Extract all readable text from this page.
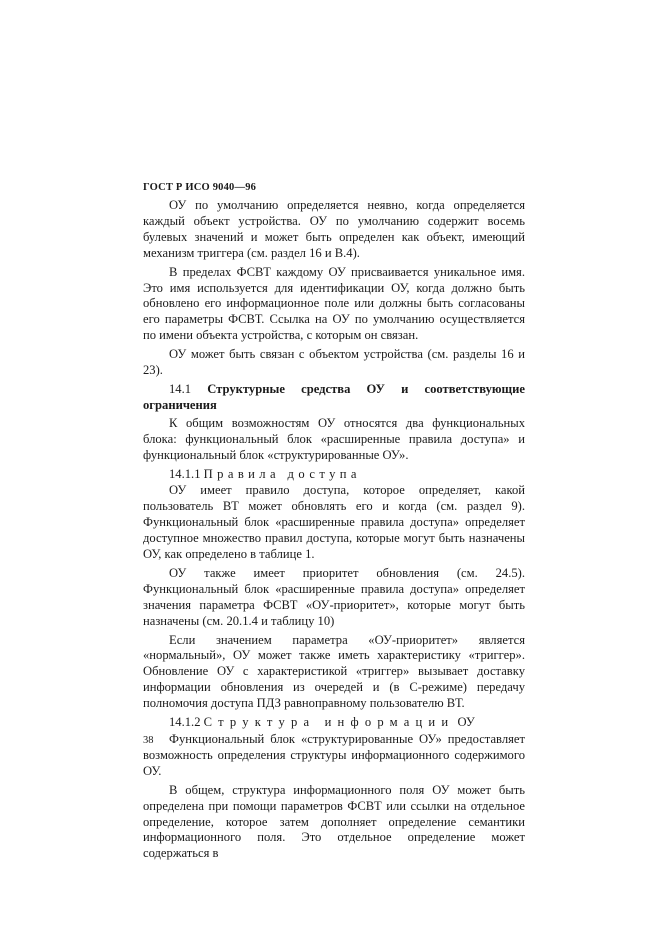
ГОСТ Р ИСО 9040—96

ОУ по умолчанию определяется неявно, когда определяется каждый объект устройства. ОУ по умолчанию содержит восемь булевых значений и может быть определен как объект, имеющий механизм триггера (см. раздел 16 и В.4).

В пределах ФСВТ каждому ОУ присваивается уникальное имя. Это имя используется для идентификации ОУ, когда должно быть обновлено его информационное поле или должны быть согласованы его параметры ФСВТ. Ссылка на ОУ по умолчанию осуществляется по имени объекта устройства, с которым он связан.

ОУ может быть связан с объектом устройства (см. разделы 16 и 23).

14.1 Структурные средства ОУ и соответствующие ограничения

К общим возможностям ОУ относятся два функциональных блока: функциональный блок «расширенные правила доступа» и функциональный блок «структурированные ОУ».

14.1.1 Правила доступа

ОУ имеет правило доступа, которое определяет, какой пользователь ВТ может обновлять его и когда (см. раздел 9). Функциональный блок «расширенные правила доступа» определяет доступное множество правил доступа, которые могут быть назначены ОУ, как определено в таблице 1.

ОУ также имеет приоритет обновления (см. 24.5). Функциональный блок «расширенные правила доступа» определяет значения параметра ФСВТ «ОУ-приоритет», которые могут быть назначены (см. 20.1.4 и таблицу 10)

Если значением параметра «ОУ-приоритет» является «нормальный», ОУ может также иметь характеристику «триггер». Обновление ОУ с характеристикой «триггер» вызывает доставку информации обновления из очередей и (в С-режиме) передачу полномочия доступа ПДЗ равноправному пользователю ВТ.

14.1.2 Структура информации ОУ

Функциональный блок «структурированные ОУ» предоставляет возможность определения структуры информационного содержимого ОУ.

В общем, структура информационного поля ОУ может быть определена при помощи параметров ФСВТ или ссылки на отдельное определение, которое затем дополняет определение семантики информационного поля. Это отдельное определение может содержаться в

38
